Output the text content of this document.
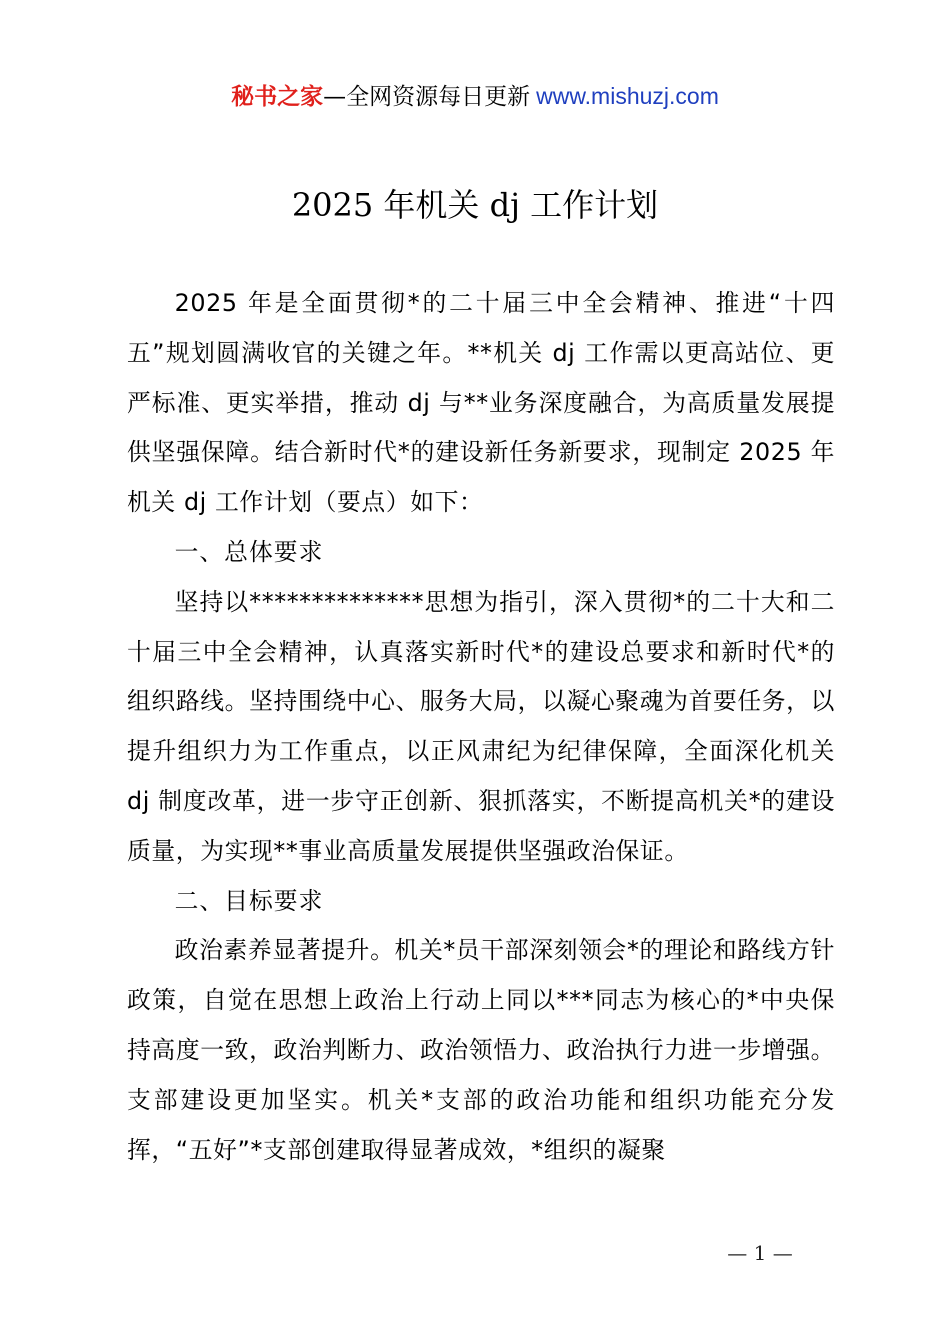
秘书之家—全网资源每日更新 www.mishuzj.com
2025 年机关 dj 工作计划

2025 年是全面贯彻*的二十届三中全会精神、推进“十四五”规划圆满收官的关键之年。**机关 dj 工作需以更高站位、更严标准、更实举措，推动 dj 与**业务深度融合，为高质量发展提供坚强保障。结合新时代*的建设新任务新要求，现制定 2025 年机关 dj 工作计划（要点）如下：

一、总体要求

坚持以**************思想为指引，深入贯彻*的二十大和二十届三中全会精神，认真落实新时代*的建设总要求和新时代*的组织路线。坚持围绕中心、服务大局，以凝心聚魂为首要任务，以提升组织力为工作重点，以正风肃纪为纪律保障，全面深化机关 dj 制度改革，进一步守正创新、狠抓落实，不断提高机关*的建设质量，为实现**事业高质量发展提供坚强政治保证。

二、目标要求

政治素养显著提升。机关*员干部深刻领会*的理论和路线方针政策，自觉在思想上政治上行动上同以***同志为核心的*中央保持高度一致，政治判断力、政治领悟力、政治执行力进一步增强。支部建设更加坚实。机关*支部的政治功能和组织功能充分发挥，“五好”*支部创建取得显著成效，*组织的凝聚

— 1 —
